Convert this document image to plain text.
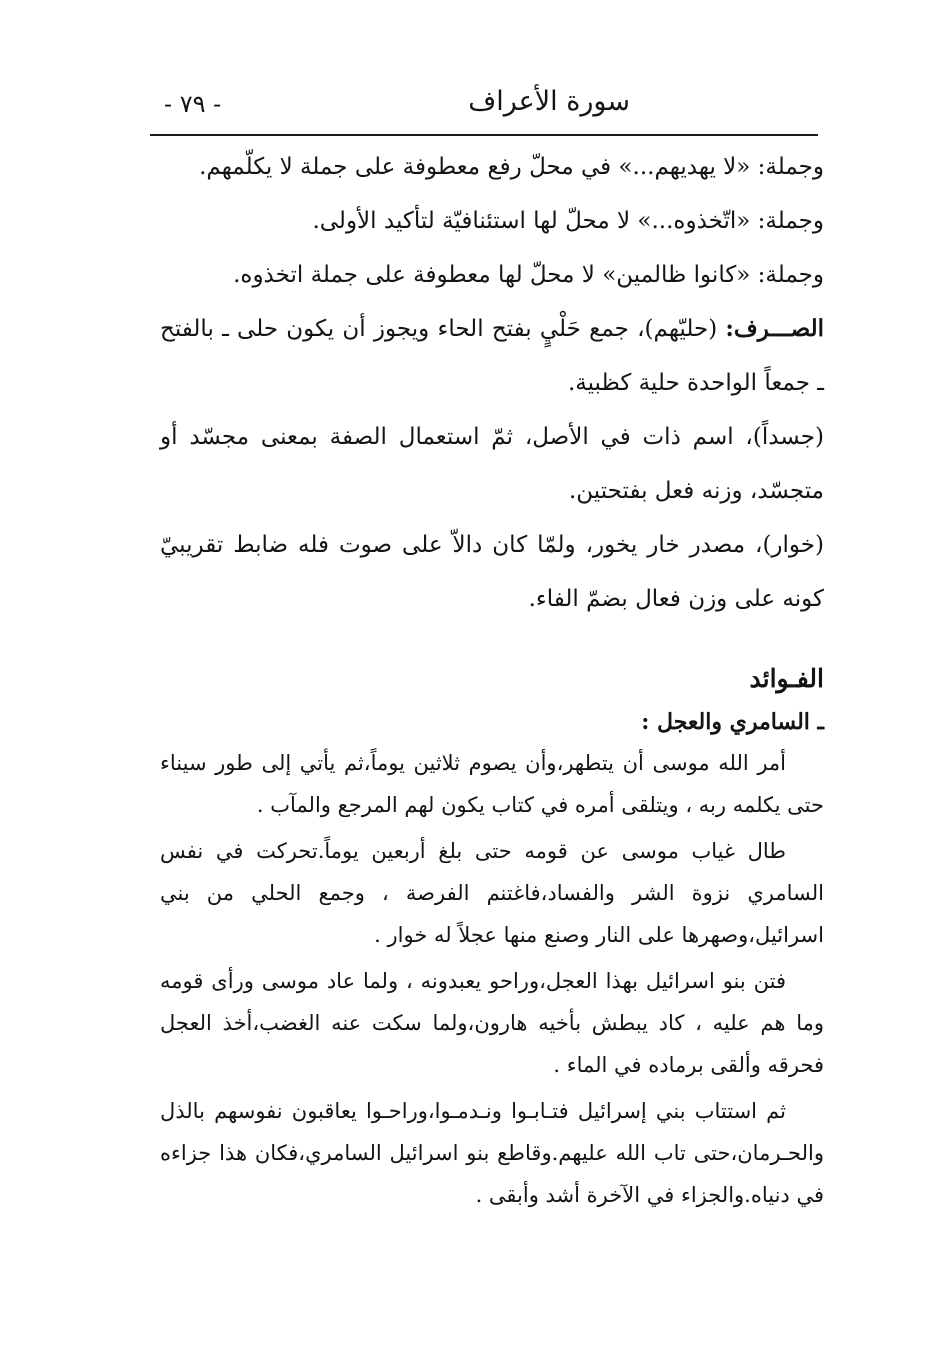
سورة الأعراف
- ٧٩ -

وجملة: «لا يهديهم...» في محلّ رفع معطوفة على جملة لا يكلّمهم.

وجملة: «اتّخذوه...» لا محلّ لها استئنافيّة لتأكيد الأولى.

وجملة: «كانوا ظالمين» لا محلّ لها معطوفة على جملة اتخذوه.

الصـــرف: (حليّهم)، جمع حَلْيٍ بفتح الحاء ويجوز أن يكون حلى ـ بالفتح ـ جمعاً الواحدة حلية كظبية.

(جسداً)، اسم ذات في الأصل، ثمّ استعمال الصفة بمعنى مجسّد أو متجسّد، وزنه فعل بفتحتين.

(خوار)، مصدر خار يخور، ولمّا كان دالاّ على صوت فله ضابط تقريبيّ كونه على وزن فعال بضمّ الفاء.

الفـوائد
ـ السامري والعجل :

أمر الله موسى أن يتطهر،وأن يصوم ثلاثين يوماً،ثم يأتي إلى طور سيناء حتى يكلمه ربه ، ويتلقى أمره في كتاب يكون لهم المرجع والمآب .

طال غياب موسى عن قومه حتى بلغ أربعين يوماً.تحركت في نفس السامري نزوة الشر والفساد،فاغتنم الفرصة ، وجمع الحلي من بني اسرائيل،وصهرها على النار وصنع منها عجلاً له خوار .

فتن بنو اسرائيل بهذا العجل،وراحو يعبدونه ، ولما عاد موسى ورأى قومه وما هم عليه ، كاد يبطش بأخيه هارون،ولما سكت عنه الغضب،أخذ العجل فحرقه وألقى برماده في الماء .

ثم استتاب بني إسرائيل فتـابـوا ونـدمـوا،وراحـوا يعاقبون نفوسهم بالذل والحـرمان،حتى تاب الله عليهم.وقاطع بنو اسرائيل السامري،فكان هذا جزاءه في دنياه.والجزاء في الآخرة أشد وأبقى .
